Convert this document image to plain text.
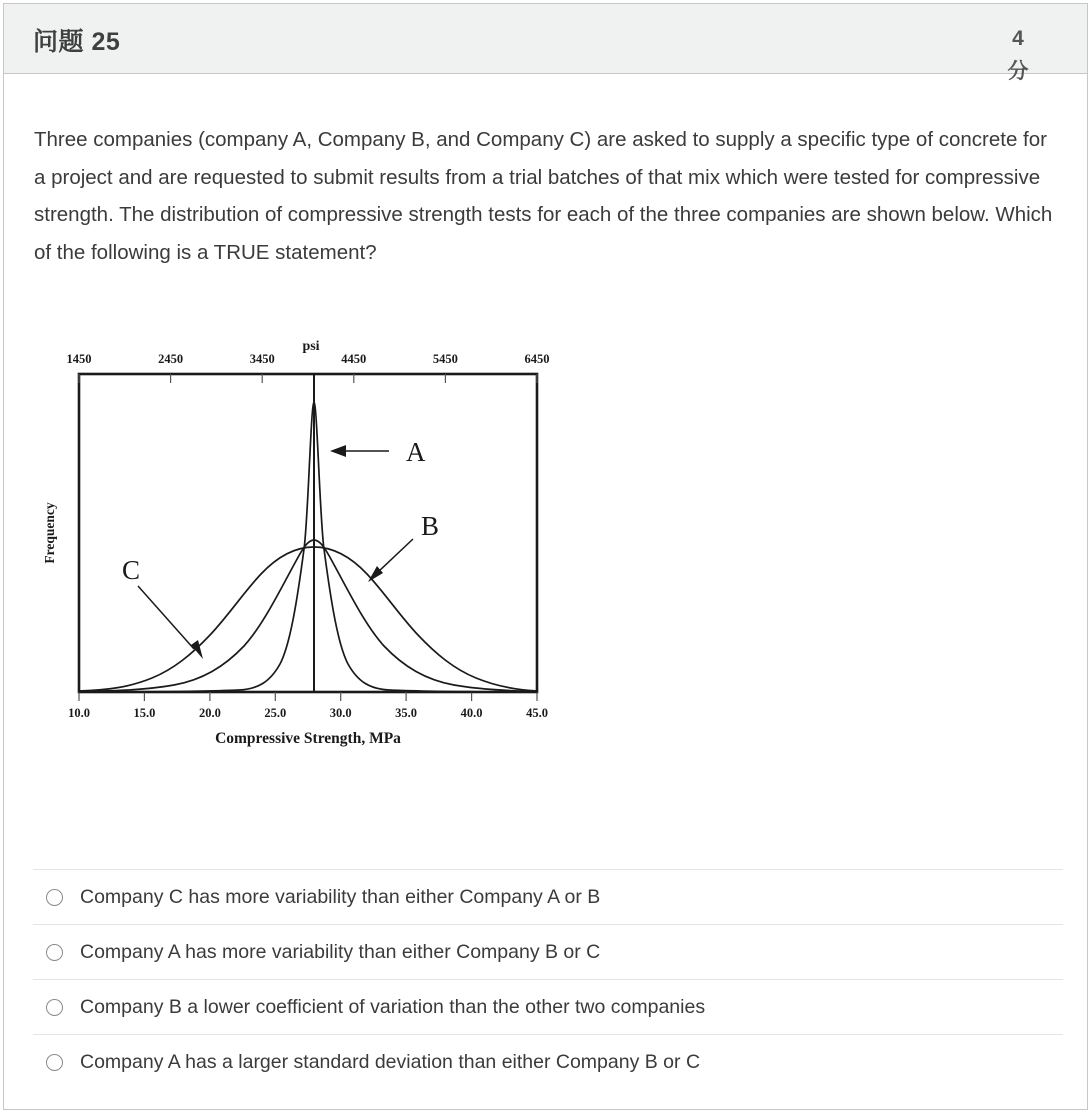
问题 25	4
分
Three companies (company A, Company B, and Company C) are asked to supply a specific type of concrete for a project and are requested to submit results from a trial batches of that mix which were tested for compressive strength. The distribution of compressive strength tests for each of the three companies are shown below. Which of the following is a TRUE statement?
1450	2450	3450	4450	5450	6450
psi
10.0	15.0	20.0	25.0	30.0	35.0	40.0	45.0
Compressive Strength, MPa
Frequency
A
B
C
Company C has more variability than either Company A or B
Company A has more variability than either Company B or C
Company B a lower coefficient of variation than the other two companies
Company A has a larger standard deviation than either Company B or C
